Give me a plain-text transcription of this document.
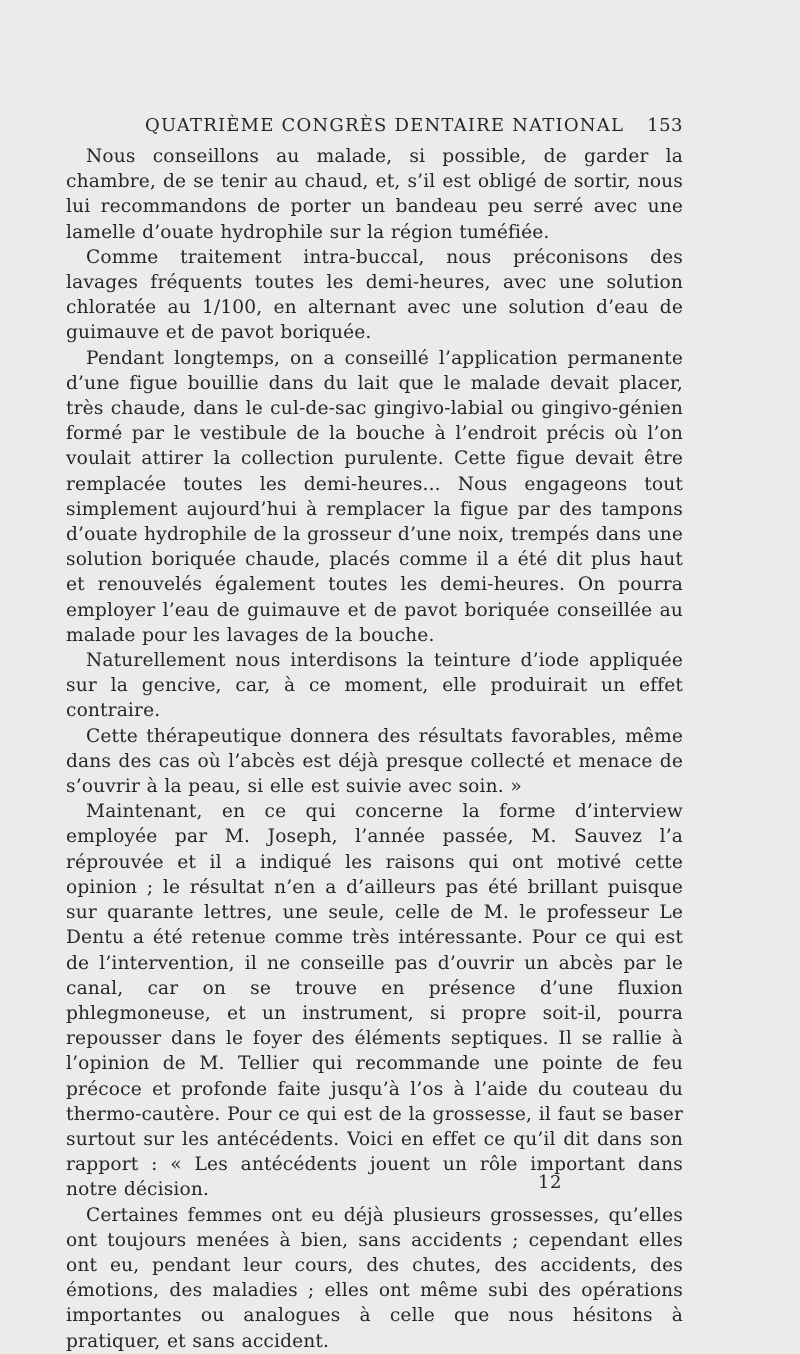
QUATRIÈME CONGRÈS DENTAIRE NATIONAL 153

Nous conseillons au malade, si possible, de garder la chambre, de se tenir au chaud, et, s’il est obligé de sortir, nous lui recommandons de porter un bandeau peu serré avec une lamelle d’ouate hydrophile sur la région tuméfiée.

Comme traitement intra-buccal, nous préconisons des lavages fréquents toutes les demi-heures, avec une solution chloratée au 1/100, en alternant avec une solution d’eau de guimauve et de pavot boriquée.

Pendant longtemps, on a conseillé l’application permanente d’une figue bouillie dans du lait que le malade devait placer, très chaude, dans le cul-de-sac gingivo-labial ou gingivo-génien formé par le vestibule de la bouche à l’endroit précis où l’on voulait attirer la collection purulente. Cette figue devait être remplacée toutes les demi-heures... Nous engageons tout simplement aujourd’hui à remplacer la figue par des tampons d’ouate hydrophile de la grosseur d’une noix, trempés dans une solution boriquée chaude, placés comme il a été dit plus haut et renouvelés également toutes les demi-heures. On pourra employer l’eau de guimauve et de pavot boriquée conseillée au malade pour les lavages de la bouche.

Naturellement nous interdisons la teinture d’iode appliquée sur la gencive, car, à ce moment, elle produirait un effet contraire.

Cette thérapeutique donnera des résultats favorables, même dans des cas où l’abcès est déjà presque collecté et menace de s’ouvrir à la peau, si elle est suivie avec soin. »

Maintenant, en ce qui concerne la forme d’interview employée par M. Joseph, l’année passée, M. Sauvez l’a réprouvée et il a indiqué les raisons qui ont motivé cette opinion ; le résultat n’en a d’ailleurs pas été brillant puisque sur quarante lettres, une seule, celle de M. le professeur Le Dentu a été retenue comme très intéressante. Pour ce qui est de l’intervention, il ne conseille pas d’ouvrir un abcès par le canal, car on se trouve en présence d’une fluxion phlegmoneuse, et un instrument, si propre soit-il, pourra repousser dans le foyer des éléments septiques. Il se rallie à l’opinion de M. Tellier qui recommande une pointe de feu précoce et profonde faite jusqu’à l’os à l’aide du couteau du thermo-cautère. Pour ce qui est de la grossesse, il faut se baser surtout sur les antécédents. Voici en effet ce qu’il dit dans son rapport : « Les antécédents jouent un rôle important dans notre décision.

Certaines femmes ont eu déjà plusieurs grossesses, qu’elles ont toujours menées à bien, sans accidents ; cependant elles ont eu, pendant leur cours, des chutes, des accidents, des émotions, des maladies ; elles ont même subi des opérations importantes ou analogues à celle que nous hésitons à pratiquer, et sans accident.

12
